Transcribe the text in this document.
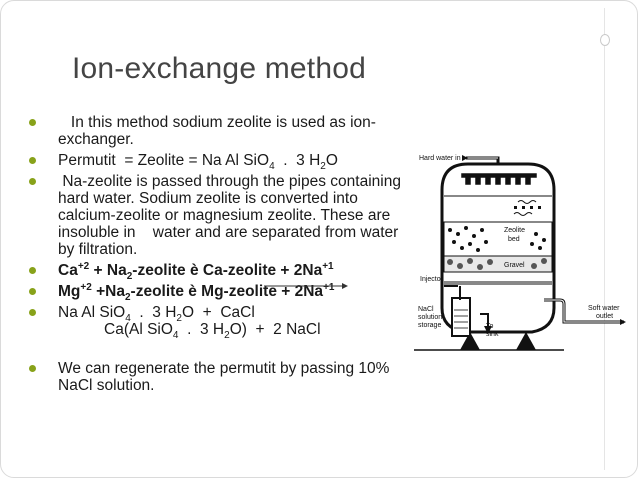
Ion-exchange method
In this method sodium zeolite is used as ion-exchanger.
Permutit  = Zeolite = Na Al SiO$_4$  .  3 $H_2O$
Na-zeolite is passed through the pipes containing    hard water. Sodium zeolite is converted into calcium-zeolite or magnesium zeolite. These are insoluble in    water and are separated from water by filtration.
$Ca^{+2}$ + $Na_2$-zeolite è Ca-zeolite + $2Na^{+1}$
$Mg^{+2}$ $+Na_2$-zeolite è Mg-zeolite + $2Na^{+1}$
Na Al SiO$_4$  .  3 $H_2O$  +  CaCl
Ca(Al SiO$_4$  .  3 $H_2O) + 2$ NaCl
We can regenerate the permutit by passing 10% NaCl solution.
Hard water in
Zeolite
bed
Gravel
Injector
NaCl
solution
storage	To
sink
Soft water
outlet
